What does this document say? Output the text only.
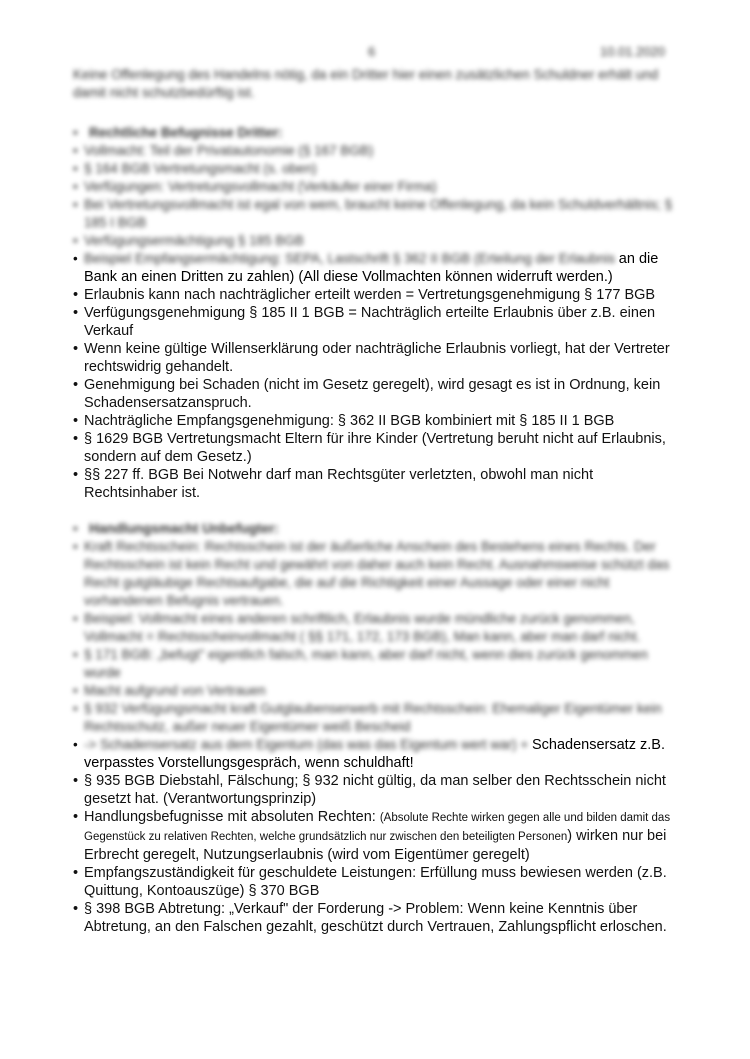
6	10.01.2020

Keine Offenlegung des Handelns nötig, da ein Dritter hier einen zusätzlichen Schuldner erhält und damit nicht schutzbedürftig ist.

• Rechtliche Befugnisse Dritter:
• Vollmacht: Teil der Privatautonomie (§ 167 BGB)
• § 164 BGB Vertretungsmacht (s. oben)
• Verfügungen: Vertretungsvollmacht (Verkäufer einer Firma)
• Bei Vertretungsvollmacht ist egal von wem, braucht keine Offenlegung, da kein Schuldverhältnis; § 185 I BGB
• Verfügungsermächtigung § 185 BGB
• Beispiel Empfangsermächtigung: SEPA, Lastschrift § 362 II BGB (Erteilung der Erlaubnis an die Bank an einen Dritten zu zahlen) (All diese Vollmachten können widerruft werden.)
• Erlaubnis kann nach nachträglicher erteilt werden = Vertretungsgenehmigung § 177 BGB
• Verfügungsgenehmigung § 185 II 1 BGB = Nachträglich erteilte Erlaubnis über z.B. einen Verkauf
• Wenn keine gültige Willenserklärung oder nachträgliche Erlaubnis vorliegt, hat der Vertreter rechtswidrig gehandelt.
• Genehmigung bei Schaden (nicht im Gesetz geregelt), wird gesagt es ist in Ordnung, kein Schadensersatzanspruch.
• Nachträgliche Empfangsgenehmigung: § 362 II BGB kombiniert mit § 185 II 1 BGB
• § 1629 BGB Vertretungsmacht Eltern für ihre Kinder (Vertretung beruht nicht auf Erlaubnis, sondern auf dem Gesetz.)
• §§ 227 ff. BGB Bei Notwehr darf man Rechtsgüter verletzten, obwohl man nicht Rechtsinhaber ist.
• Handlungsmacht Unbefugter:
• Kraft Rechtsschein: Rechtsschein ist der äußerliche Anschein des Bestehens eines Rechts. Der Rechtsschein ist kein Recht und gewährt von daher auch kein Recht. Ausnahmsweise schützt das Recht gutgläubige Rechtsaufgabe, die auf die Richtigkeit einer Aussage oder einer nicht vorhandenen Befugnis vertrauen.
• Beispiel: Vollmacht eines anderen schriftlich, Erlaubnis wurde mündliche zurück genommen, Vollmacht = Rechtsscheinvollmacht ( §§ 171, 172, 173 BGB), Man kann, aber man darf nicht.
• § 171 BGB: „befugt" eigentlich falsch, man kann, aber darf nicht, wenn dies zurück genommen wurde
• Macht aufgrund von Vertrauen
• § 932 Verfügungsmacht kraft Gutglaubenserwerb mit Rechtsschein: Ehemaliger Eigentümer kein Rechtsschutz, außer neuer Eigentümer weiß Bescheid
• -> Schadensersatz aus dem Eigentum (das was das Eigentum wert war) + Schadensersatz z.B. verpasstes Vorstellungsgespräch, wenn schuldhaft!
• § 935 BGB Diebstahl, Fälschung; § 932 nicht gültig, da man selber den Rechtsschein nicht gesetzt hat. (Verantwortungsprinzip)
• Handlungsbefugnisse mit absoluten Rechten: (Absolute Rechte wirken gegen alle und bilden damit das Gegenstück zu relativen Rechten, welche grundsätzlich nur zwischen den beteiligten Personen) wirken nur bei Erbrecht geregelt, Nutzungserlaubnis (wird vom Eigentümer geregelt)
• Empfangszuständigkeit für geschuldete Leistungen: Erfüllung muss bewiesen werden (z.B. Quittung, Kontoauszüge) § 370 BGB
• § 398 BGB Abtretung: „Verkauf" der Forderung -> Problem: Wenn keine Kenntnis über Abtretung, an den Falschen gezahlt, geschützt durch Vertrauen, Zahlungspflicht erloschen.
